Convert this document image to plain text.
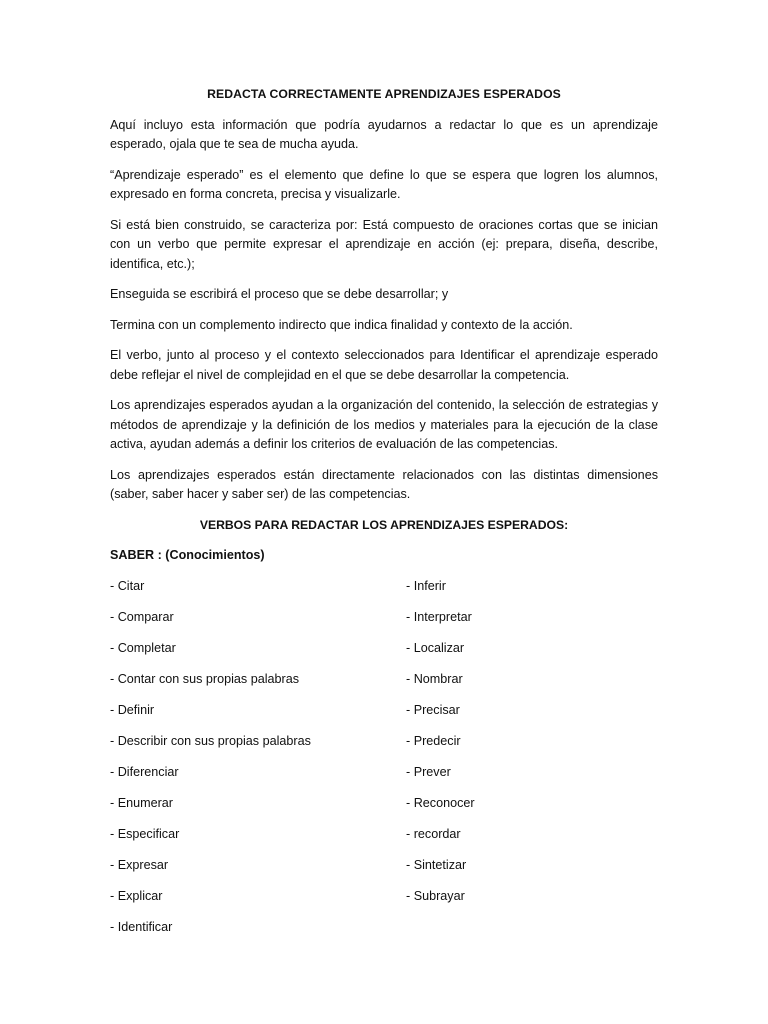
REDACTA CORRECTAMENTE APRENDIZAJES ESPERADOS

Aquí incluyo esta información que podría ayudarnos a redactar lo que es un aprendizaje esperado, ojala que te sea de mucha ayuda.

“Aprendizaje esperado” es el elemento que define lo que se espera que logren los alumnos, expresado en forma concreta, precisa y visualizarle.

Si está bien construido, se caracteriza por: Está compuesto de oraciones cortas que se inician con un verbo que permite expresar el aprendizaje en acción (ej: prepara, diseña, describe, identifica, etc.);

Enseguida se escribirá el proceso que se debe desarrollar; y

Termina con un complemento indirecto que indica finalidad y contexto de la acción.

El verbo, junto al proceso y el contexto seleccionados para Identificar el aprendizaje esperado debe reflejar el nivel de complejidad en el que se debe desarrollar la competencia.

Los aprendizajes esperados ayudan a la organización del contenido, la selección de estrategias y métodos de aprendizaje y la definición de los medios y materiales para la ejecución de la clase activa, ayudan además a definir los criterios de evaluación de las competencias.

Los aprendizajes esperados están directamente relacionados con las distintas dimensiones (saber, saber hacer y saber ser) de las competencias.

VERBOS PARA REDACTAR LOS APRENDIZAJES ESPERADOS:
SABER : (Conocimientos)
- Citar
- Comparar
- Completar
- Contar con sus propias palabras
- Definir
- Describir con sus propias palabras
- Diferenciar
- Enumerar
- Especificar
- Expresar
- Explicar
- Identificar
- Inferir
- Interpretar
- Localizar
- Nombrar
- Precisar
- Predecir
- Prever
- Reconocer
- recordar
- Sintetizar
- Subrayar
